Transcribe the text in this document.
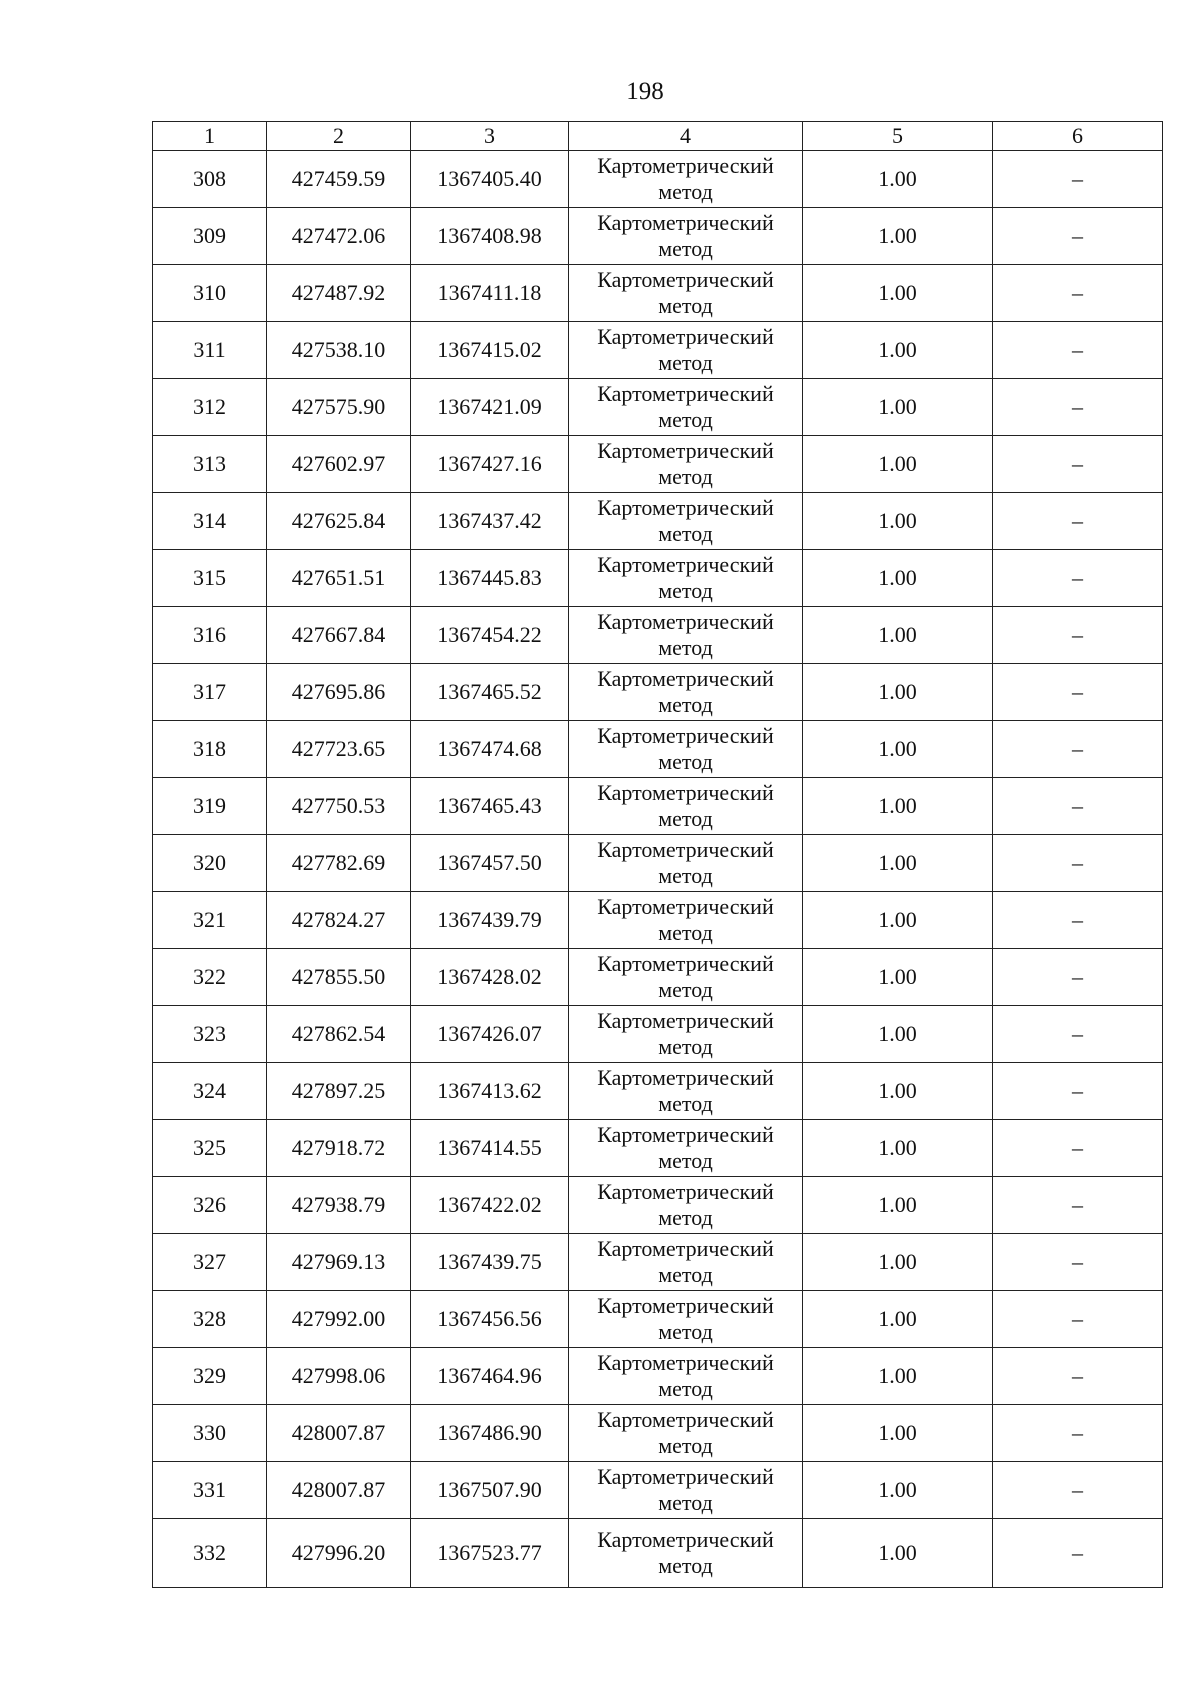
198
1	2	3	4	5	6
308	427459.59	1367405.40	Картометрический метод	1.00	–
309	427472.06	1367408.98	Картометрический метод	1.00	–
310	427487.92	1367411.18	Картометрический метод	1.00	–
311	427538.10	1367415.02	Картометрический метод	1.00	–
312	427575.90	1367421.09	Картометрический метод	1.00	–
313	427602.97	1367427.16	Картометрический метод	1.00	–
314	427625.84	1367437.42	Картометрический метод	1.00	–
315	427651.51	1367445.83	Картометрический метод	1.00	–
316	427667.84	1367454.22	Картометрический метод	1.00	–
317	427695.86	1367465.52	Картометрический метод	1.00	–
318	427723.65	1367474.68	Картометрический метод	1.00	–
319	427750.53	1367465.43	Картометрический метод	1.00	–
320	427782.69	1367457.50	Картометрический метод	1.00	–
321	427824.27	1367439.79	Картометрический метод	1.00	–
322	427855.50	1367428.02	Картометрический метод	1.00	–
323	427862.54	1367426.07	Картометрический метод	1.00	–
324	427897.25	1367413.62	Картометрический метод	1.00	–
325	427918.72	1367414.55	Картометрический метод	1.00	–
326	427938.79	1367422.02	Картометрический метод	1.00	–
327	427969.13	1367439.75	Картометрический метод	1.00	–
328	427992.00	1367456.56	Картометрический метод	1.00	–
329	427998.06	1367464.96	Картометрический метод	1.00	–
330	428007.87	1367486.90	Картометрический метод	1.00	–
331	428007.87	1367507.90	Картометрический метод	1.00	–
332	427996.20	1367523.77	Картометрический метод	1.00	–
